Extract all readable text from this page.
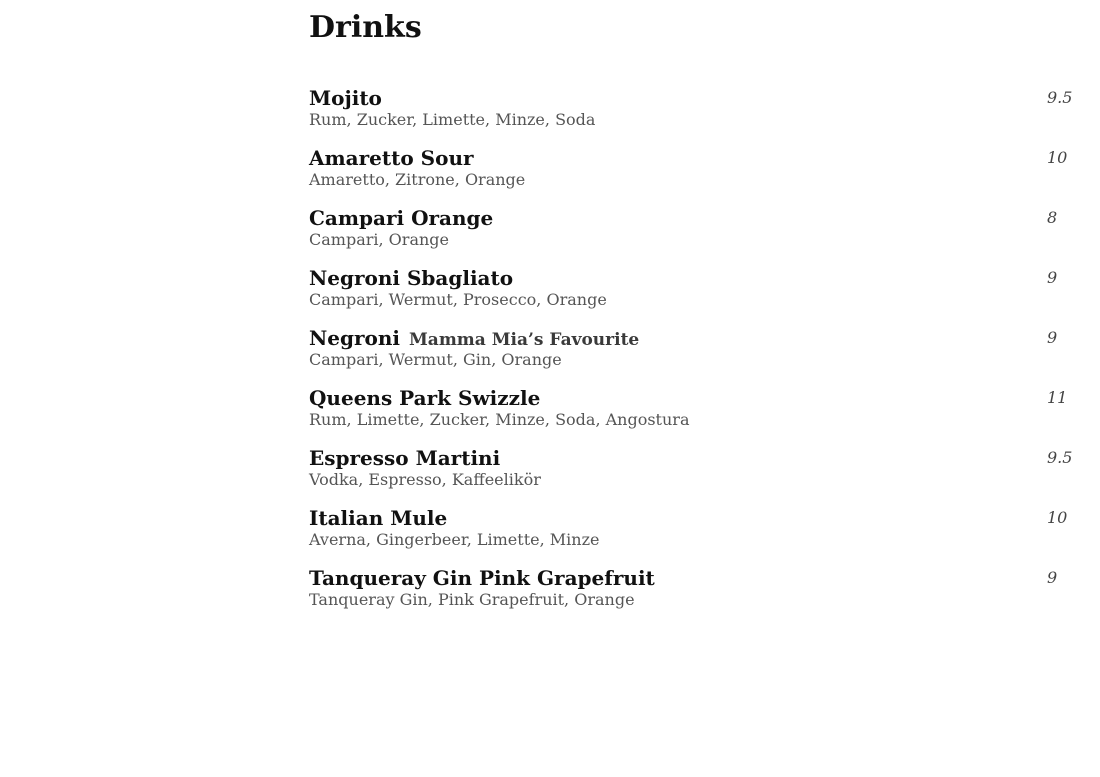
Drinks
Mojito
Rum, Zucker, Limette, Minze, Soda
9.5
Amaretto Sour
Amaretto, Zitrone, Orange
10
Campari Orange
Campari, Orange
8
Negroni Sbagliato
Campari, Wermut, Prosecco, Orange
9
Negroni Mamma Mia’s Favourite
Campari, Wermut, Gin, Orange
9
Queens Park Swizzle
Rum, Limette, Zucker, Minze, Soda, Angostura
11
Espresso Martini
Vodka, Espresso, Kaffeelikör
9.5
Italian Mule
Averna, Gingerbeer, Limette, Minze
10
Tanqueray Gin Pink Grapefruit
Tanqueray Gin, Pink Grapefruit, Orange
9
